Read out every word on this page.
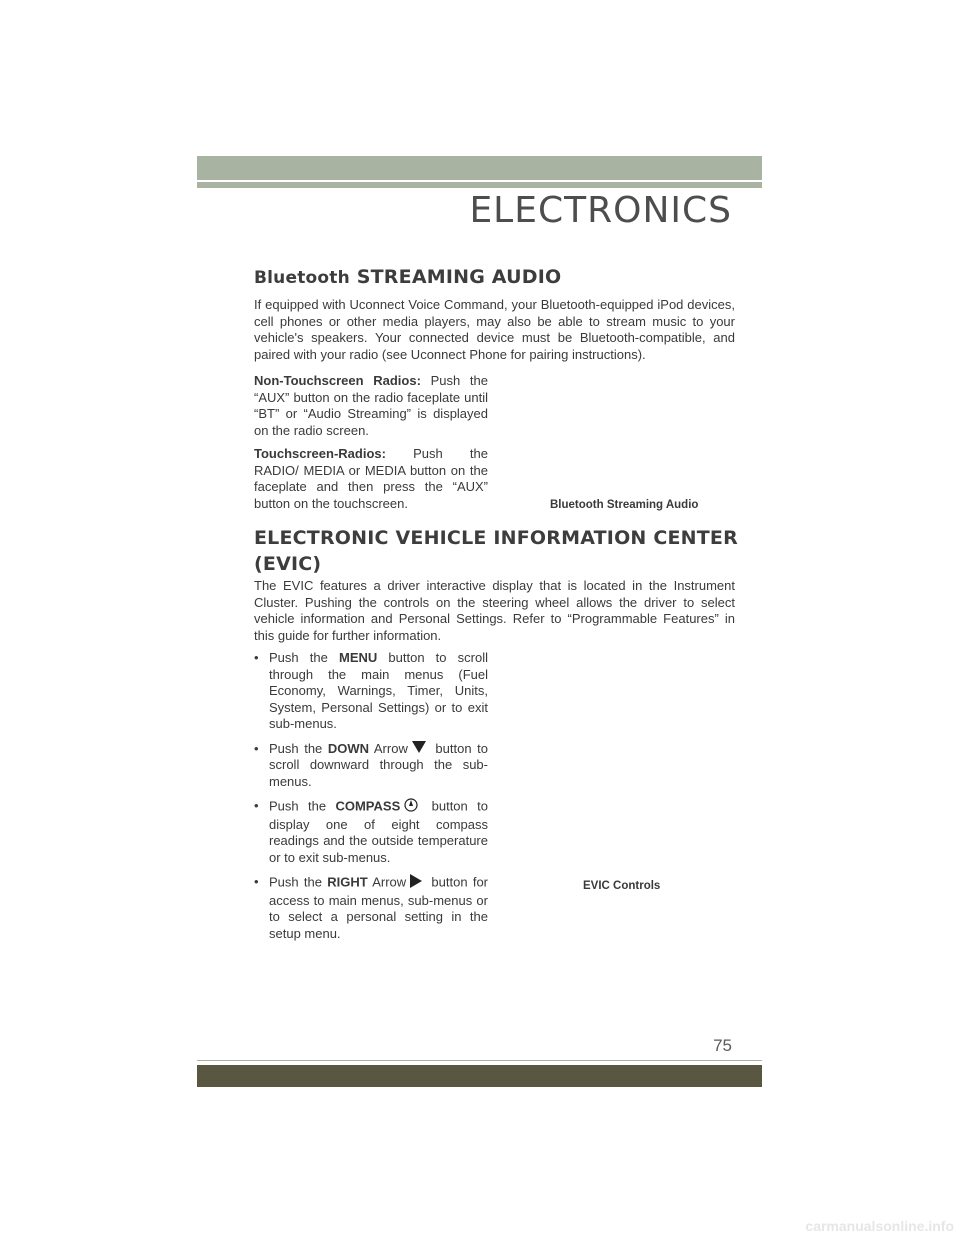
ELECTRONICS
Bluetooth STREAMING AUDIO

If equipped with Uconnect Voice Command, your Bluetooth-equipped iPod devices, cell phones or other media players, may also be able to stream music to your vehicle's speakers. Your connected device must be Bluetooth-compatible, and paired with your radio (see Uconnect Phone for pairing instructions).

Non-Touchscreen Radios: Push the “AUX” button on the radio faceplate until “BT” or “Audio Streaming” is displayed on the radio screen.

Touchscreen-Radios: Push the RADIO/ MEDIA or MEDIA button on the faceplate and then press the “AUX” button on the touchscreen.	Bluetooth Streaming Audio
ELECTRONIC VEHICLE INFORMATION CENTER
(EVIC)

The EVIC features a driver interactive display that is located in the Instrument Cluster. Pushing the controls on the steering wheel allows the driver to select vehicle information and Personal Settings. Refer to “Programmable Features” in this guide for further information.

• Push the MENU button to scroll through the main menus (Fuel Economy, Warnings, Timer, Units, System, Personal Settings) or to exit sub-menus.
• Push the DOWN Arrow button to scroll downward through the sub-menus.
• Push the COMPASS button to display one of eight compass readings and the outside temperature or to exit sub-menus.
• Push the RIGHT Arrow button for access to main menus, sub-menus or to select a personal setting in the setup menu.
EVIC Controls
75
carmanualsonline.info
